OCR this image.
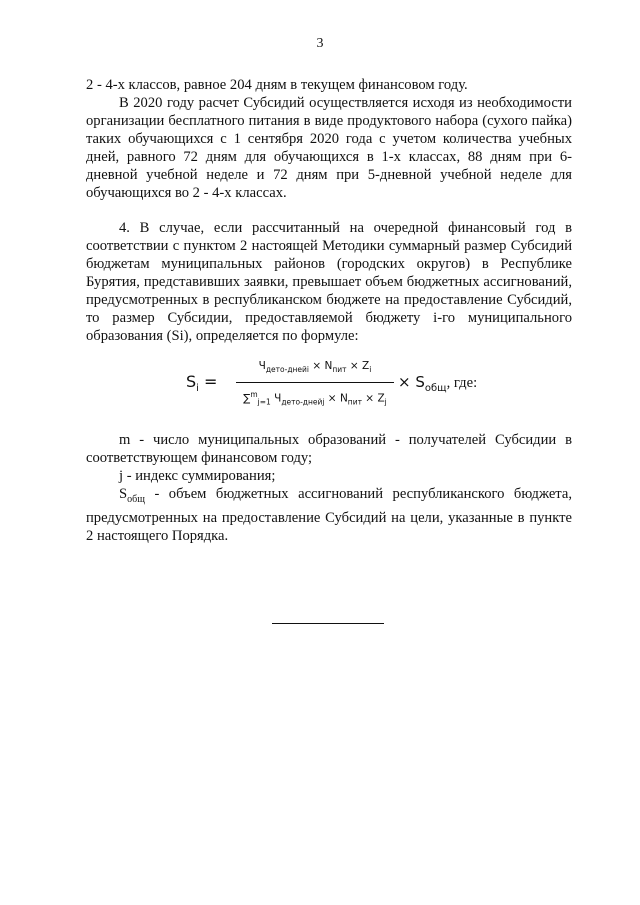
3

2 - 4-х классов, равное 204 дням в текущем финансовом году.

В 2020 году расчет Субсидий осуществляется исходя из необходимости организации бесплатного питания в виде продуктового набора (сухого пайка) таких обучающихся с 1 сентября 2020 года с учетом количества учебных дней, равного 72 дням для обучающихся в 1-х классах, 88 дням при 6-дневной учебной неделе и 72 дням при 5-дневной учебной неделе для обучающихся во 2 - 4-х классах.

4. В случае, если рассчитанный на очередной финансовый год в соответствии с пунктом 2 настоящей Методики суммарный размер Субсидий бюджетам муниципальных районов (городских округов) в Республике Бурятия, представивших заявки, превышает объем бюджетных ассигнований, предусмотренных в республиканском бюджете на предоставление Субсидий, то размер Субсидии, предоставляемой бюджету i-го муниципального образования (Si), определяется по формуле:

$S_i$ =
$Ч_{дето-днейi} \times N_{пит} \times Z_i$
∑$^m_{j=1}$ $Ч_{дето-днейj} \times N_{пит} \times Z_j$
× $S_{общ}$, где:

m - число муниципальных образований - получателей Субсидии в соответствующем финансовом году;

j - индекс суммирования;

$S_{общ}$ - объем бюджетных ассигнований республиканского бюджета, предусмотренных на предоставление Субсидий на цели, указанные в пункте 2 настоящего Порядка.
